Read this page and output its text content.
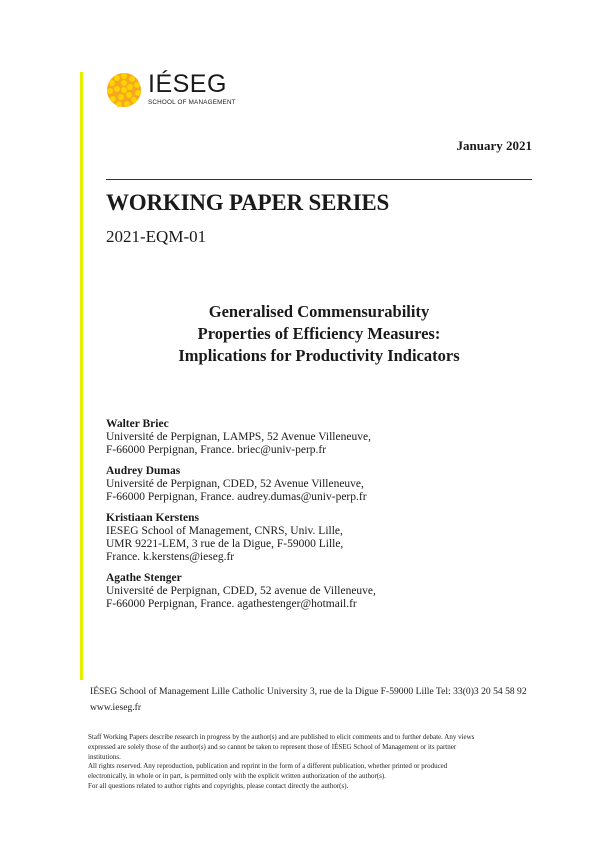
IÉSEG
SCHOOL OF MANAGEMENT
January 2021
WORKING PAPER SERIES
2021-EQM-01
Generalised Commensurability
Properties of Efficiency Measures:
Implications for Productivity Indicators
Walter Briec
Université de Perpignan, LAMPS, 52 Avenue Villeneuve,
F-66000 Perpignan, France. briec@univ-perp.fr
Audrey Dumas
Université de Perpignan, CDED, 52 Avenue Villeneuve,
F-66000 Perpignan, France. audrey.dumas@univ-perp.fr
Kristiaan Kerstens
IESEG School of Management, CNRS, Univ. Lille,
UMR 9221-LEM, 3 rue de la Digue, F-59000 Lille,
France. k.kerstens@ieseg.fr
Agathe Stenger
Université de Perpignan, CDED, 52 avenue de Villeneuve,
F-66000 Perpignan, France. agathestenger@hotmail.fr
IÉSEG School of Management Lille Catholic University 3, rue de la Digue F-59000 Lille Tel: 33(0)3 20 54 58 92
www.ieseg.fr
Staff Working Papers describe research in progress by the author(s) and are published to elicit comments and to further debate. Any views
expressed are solely those of the author(s) and so cannot be taken to represent those of IÉSEG School of Management or its partner
institutions.
All rights reserved. Any reproduction, publication and reprint in the form of a different publication, whether printed or produced
electronically, in whole or in part, is permitted only with the explicit written authorization of the author(s).
For all questions related to author rights and copyrights, please contact directly the author(s).
